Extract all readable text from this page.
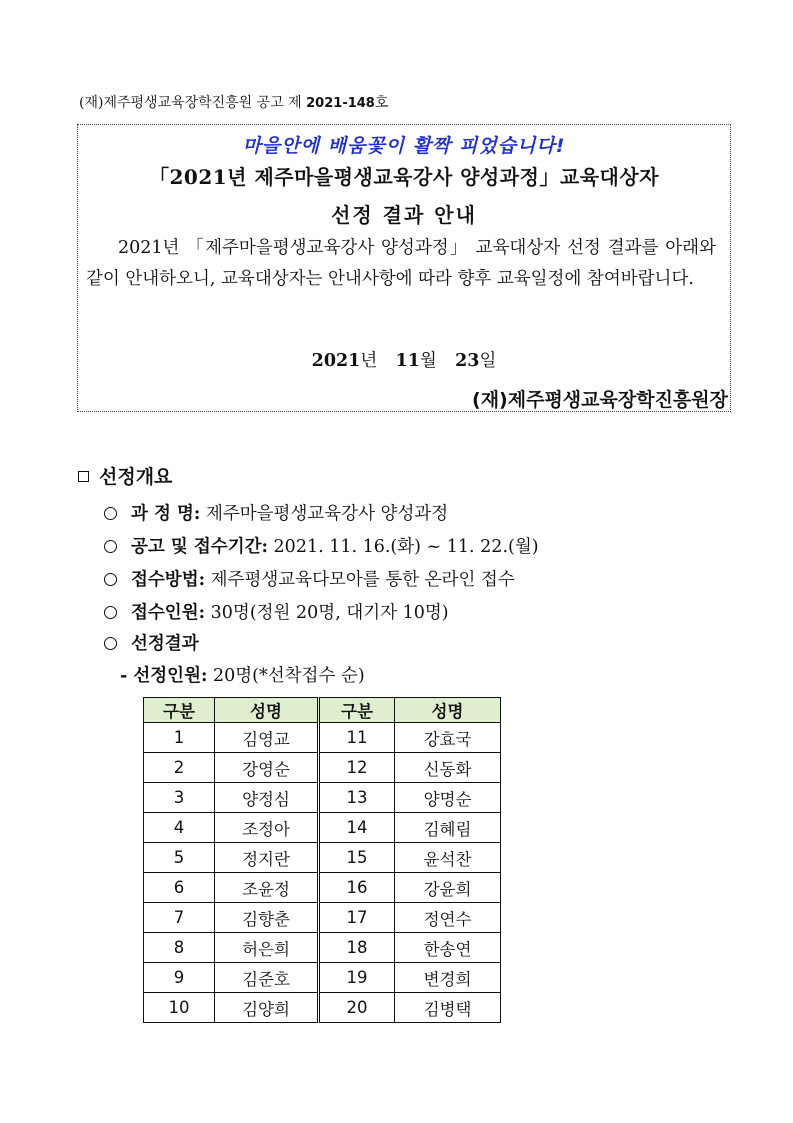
(재)제주평생교육장학진흥원 공고 제 2021-148호
마을안에 배움꽃이 활짝 피었습니다!
「2021년 제주마을평생교육강사 양성과정」교육대상자
선정 결과 안내
2021년 「제주마을평생교육강사 양성과정」 교육대상자 선정 결과를 아래와 같이 안내하오니, 교육대상자는 안내사항에 따라 향후 교육일정에 참여바랍니다.
2021년 11월 23일
(재)제주평생교육장학진흥원장
선정개요
과 정 명: 제주마을평생교육강사 양성과정
공고 및 접수기간: 2021. 11. 16.(화) ~ 11. 22.(월)
접수방법: 제주평생교육다모아를 통한 온라인 접수
접수인원: 30명(정원 20명, 대기자 10명)
선정결과
- 선정인원: 20명(*선착접수 순)
구분	성명	구분	성명
1	김영교	11	강효국
2	강영순	12	신동화
3	양정심	13	양명순
4	조정아	14	김혜림
5	정지란	15	윤석찬
6	조윤정	16	강윤희
7	김향춘	17	정연수
8	허은희	18	한송연
9	김준호	19	변경희
10	김양희	20	김병택
